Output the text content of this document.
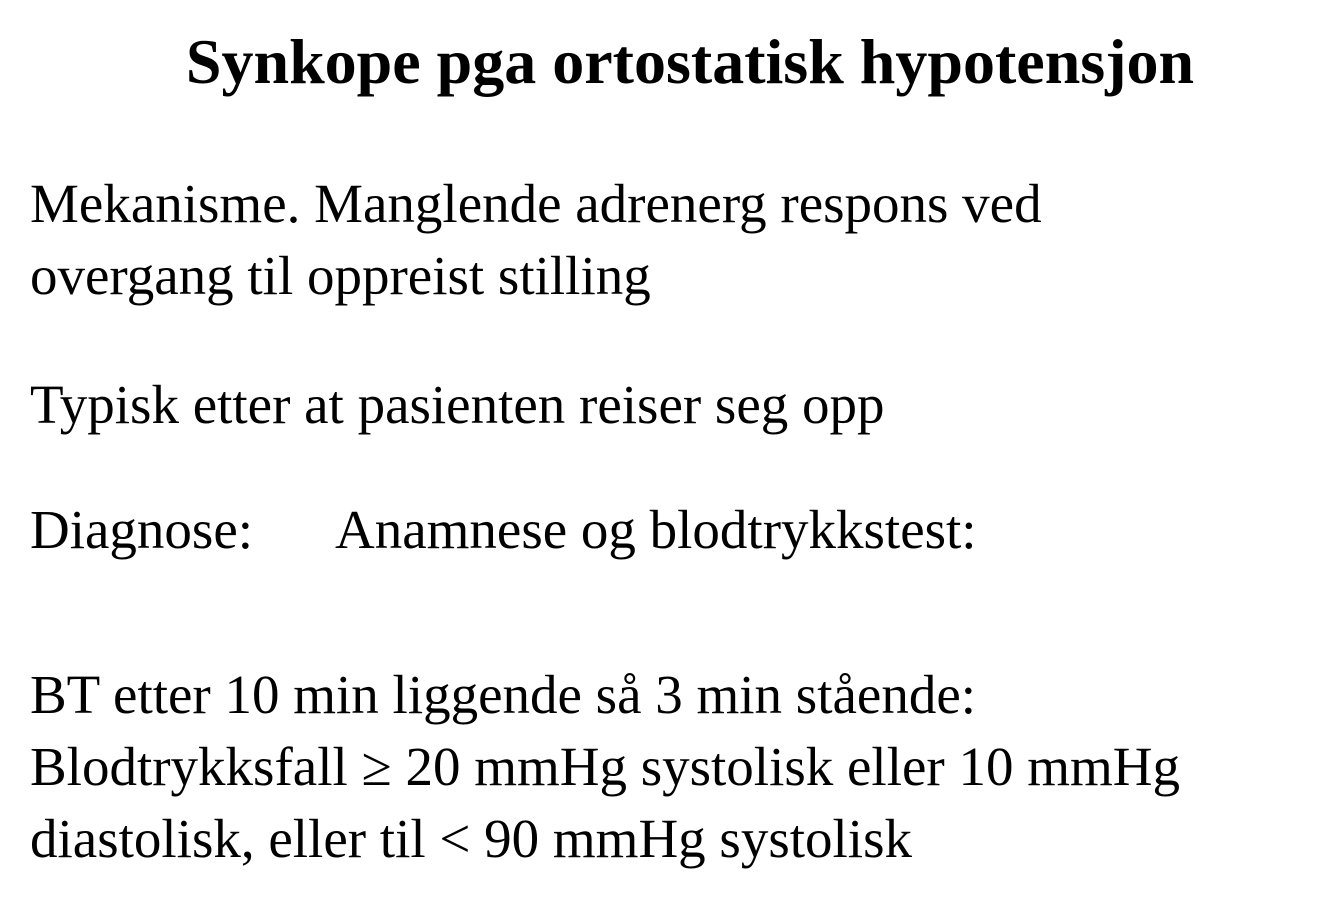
Synkope pga ortostatisk hypotensjon
Mekanisme. Manglende adrenerg respons ved
overgang til oppreist stilling
Typisk etter at pasienten reiser seg opp
Diagnose: Anamnese og blodtrykkstest:
BT etter 10 min liggende så 3 min stående:
Blodtrykksfall ≥ 20 mmHg systolisk eller 10 mmHg
diastolisk, eller til < 90 mmHg systolisk
